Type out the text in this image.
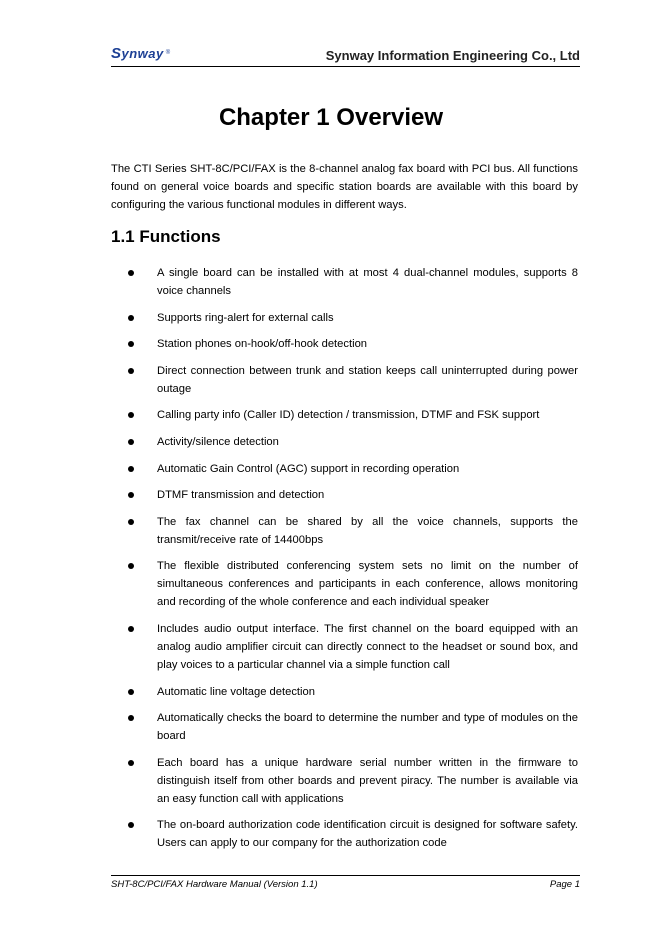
S ynway ®	Synway Information Engineering Co., Ltd
Chapter 1 Overview
The CTI Series SHT-8C/PCI/FAX is the 8-channel analog fax board with PCI bus. All functions found on general voice boards and specific station boards are available with this board by configuring the various functional modules in different ways.
1.1 Functions
A single board can be installed with at most 4 dual-channel modules, supports 8 voice channels
Supports ring-alert for external calls
Station phones on-hook/off-hook detection
Direct connection between trunk and station keeps call uninterrupted during power outage
Calling party info (Caller ID) detection / transmission, DTMF and FSK support
Activity/silence detection
Automatic Gain Control (AGC) support in recording operation
DTMF transmission and detection
The fax channel can be shared by all the voice channels, supports the transmit/receive rate of 14400bps
The flexible distributed conferencing system sets no limit on the number of simultaneous conferences and participants in each conference, allows monitoring and recording of the whole conference and each individual speaker
Includes audio output interface. The first channel on the board equipped with an analog audio amplifier circuit can directly connect to the headset or sound box, and play voices to a particular channel via a simple function call
Automatic line voltage detection
Automatically checks the board to determine the number and type of modules on the board
Each board has a unique hardware serial number written in the firmware to distinguish itself from other boards and prevent piracy. The number is available via an easy function call with applications
The on-board authorization code identification circuit is designed for software safety. Users can apply to our company for the authorization code
SHT-8C/PCI/FAX Hardware Manual (Version 1.1)	Page 1
